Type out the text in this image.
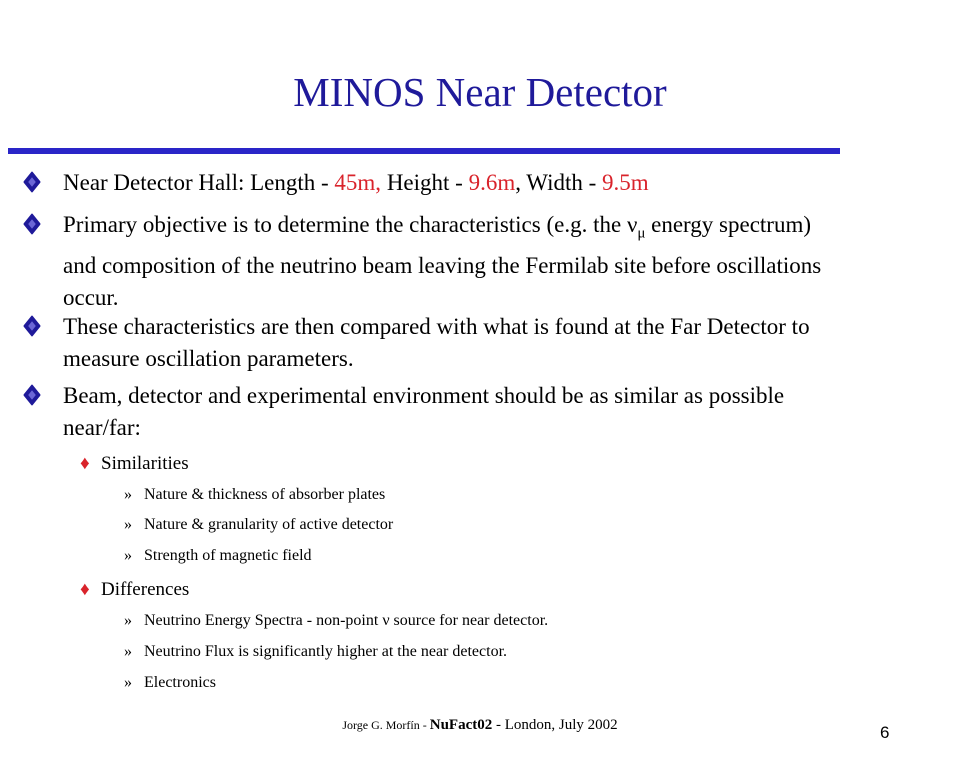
MINOS Near Detector
Near Detector Hall: Length - 45m, Height - 9.6m, Width - 9.5m
Primary objective is to determine the characteristics (e.g. the $\nu_\mu$ energy spectrum)
and composition of the neutrino beam leaving the Fermilab site before oscillations
occur.
These characteristics are then compared with what is found at the Far Detector to
measure oscillation parameters.
Beam, detector and experimental environment should be as similar as possible
near/far:
♦ Similarities
» Nature & thickness of absorber plates
» Nature & granularity of active detector
» Strength of magnetic field
♦ Differences
» Neutrino Energy Spectra - non-point ν source for near detector.
» Neutrino Flux is significantly higher at the near detector.
» Electronics
Jorge G. Morfín - NuFact02 - London, July 2002	6
